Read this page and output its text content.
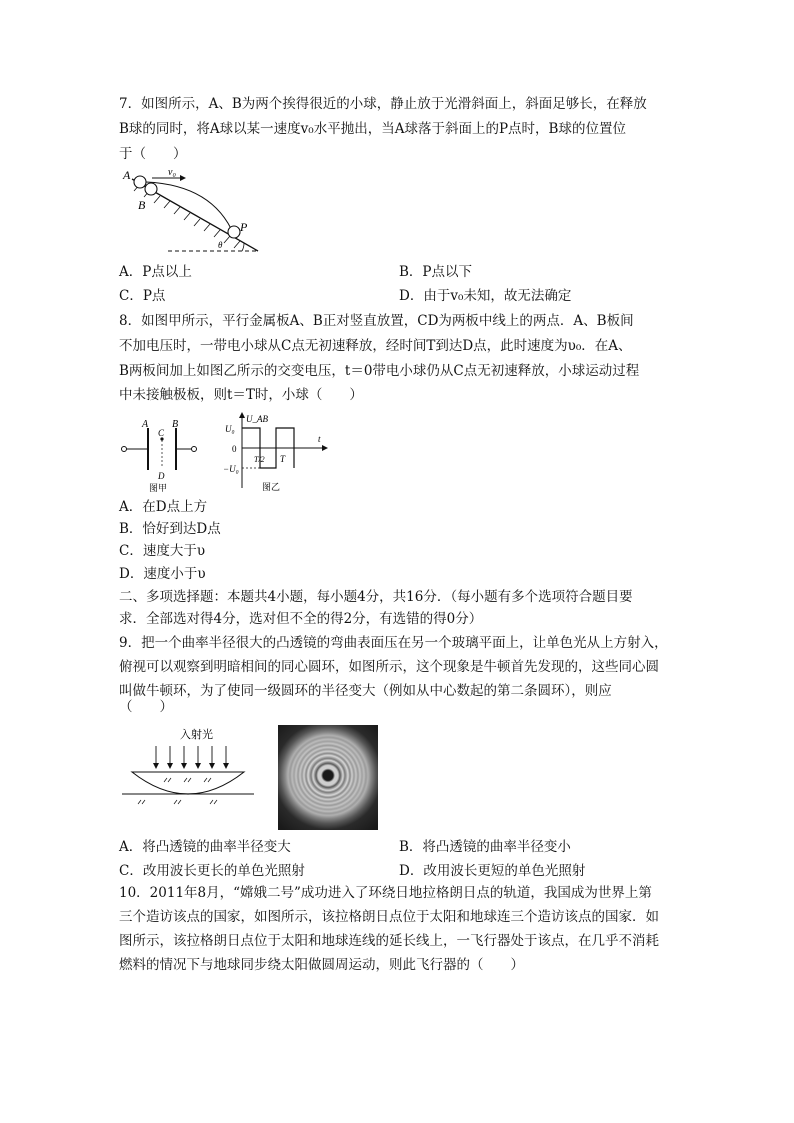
7．如图所示，A、B为两个挨得很近的小球，静止放于光滑斜面上，斜面足够长，在释放
B球的同时，将A球以某一速度v₀水平抛出，当A球落于斜面上的P点时，B球的位置位
于（　　）
A
B
v₀
P
θ
A．P点以上	B．P点以下
C．P点	D．由于v₀未知，故无法确定
8．如图甲所示，平行金属板A、B正对竖直放置，CD为两板中线上的两点．A、B板间
不加电压时，一带电小球从C点无初速释放，经时间T到达D点，此时速度为υ₀．在A、
B两板间加上如图乙所示的交变电压，t＝0带电小球仍从C点无初速释放，小球运动过程
中未接触极板，则t＝T时，小球（　　）
A B
C
D
图甲
U_AB
U₀
0
−U₀
T/2 T
t
图乙
A．在D点上方
B．恰好到达D点
C．速度大于υ
D．速度小于υ
二、多项选择题：本题共4小题，每小题4分，共16分．（每小题有多个选项符合题目要
求．全部选对得4分，选对但不全的得2分，有选错的得0分）
9．把一个曲率半径很大的凸透镜的弯曲表面压在另一个玻璃平面上，让单色光从上方射入，
俯视可以观察到明暗相间的同心圆环，如图所示，这个现象是牛顿首先发现的，这些同心圆
叫做牛顿环，为了使同一级圆环的半径变大（例如从中心数起的第二条圆环），则应
（　　）
入射光
A．将凸透镜的曲率半径变大	B．将凸透镜的曲率半径变小
C．改用波长更长的单色光照射	D．改用波长更短的单色光照射
10．2011年8月，“嫦娥二号”成功进入了环绕日地拉格朗日点的轨道，我国成为世界上第
三个造访该点的国家，如图所示，该拉格朗日点位于太阳和地球连三个造访该点的国家．如
图所示，该拉格朗日点位于太阳和地球连线的延长线上，一飞行器处于该点，在几乎不消耗
燃料的情况下与地球同步绕太阳做圆周运动，则此飞行器的（　　）
